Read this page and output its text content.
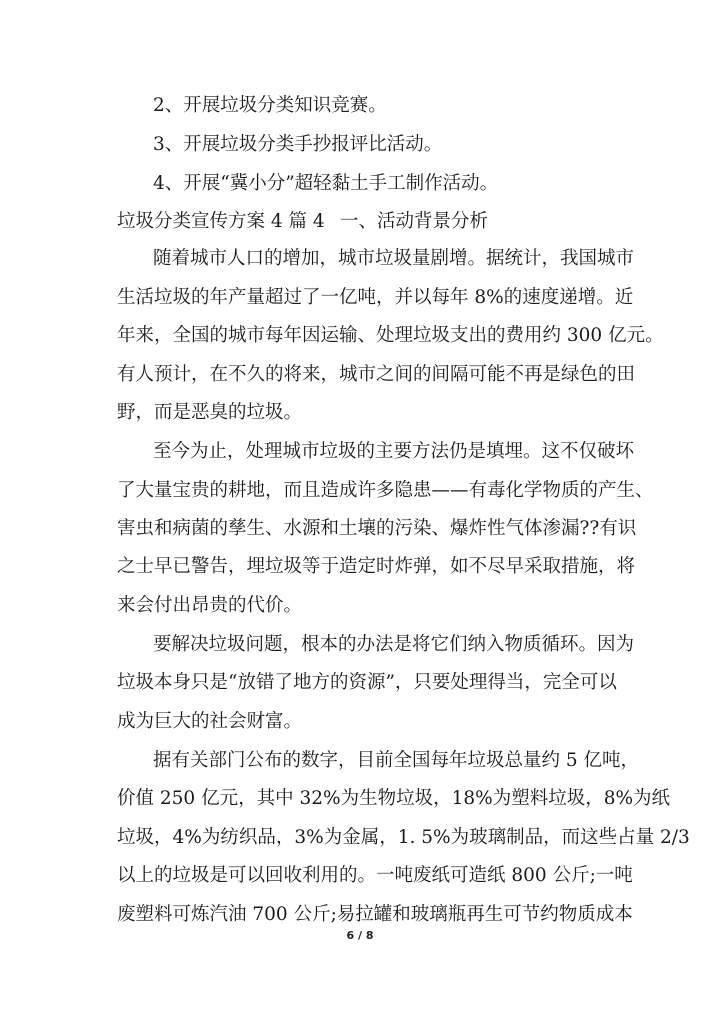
2、开展垃圾分类知识竞赛。
3、开展垃圾分类手抄报评比活动。
4、开展“冀小分”超轻黏土手工制作活动。
垃圾分类宣传方案 4 篇 4 一、活动背景分析
随着城市人口的增加，城市垃圾量剧增。据统计，我国城市
生活垃圾的年产量超过了一亿吨，并以每年 8%的速度递增。近
年来，全国的城市每年因运输、处理垃圾支出的费用约 300 亿元。
有人预计，在不久的将来，城市之间的间隔可能不再是绿色的田
野，而是恶臭的垃圾。
至今为止，处理城市垃圾的主要方法仍是填埋。这不仅破坏
了大量宝贵的耕地，而且造成许多隐患——有毒化学物质的产生、
害虫和病菌的孳生、水源和土壤的污染、爆炸性气体渗漏??有识
之士早已警告，埋垃圾等于造定时炸弹，如不尽早采取措施，将
来会付出昂贵的代价。
要解决垃圾问题，根本的办法是将它们纳入物质循环。因为
垃圾本身只是“放错了地方的资源”，只要处理得当，完全可以
成为巨大的社会财富。
据有关部门公布的数字，目前全国每年垃圾总量约 5 亿吨，
价值 250 亿元，其中 32%为生物垃圾，18%为塑料垃圾，8%为纸
垃圾，4%为纺织品，3%为金属，1. 5%为玻璃制品，而这些占量 2/3
以上的垃圾是可以回收利用的。一吨废纸可造纸 800 公斤;一吨
废塑料可炼汽油 700 公斤;易拉罐和玻璃瓶再生可节约物质成本
6 / 8
